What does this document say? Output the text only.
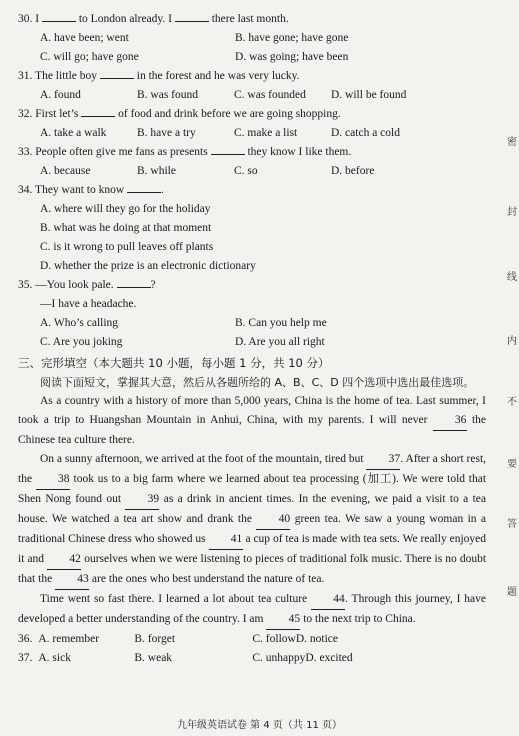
30. I	to London already. I	there last month.
A. have been; went	B. have gone; have gone
C. will go; have gone	D. was going; have been
31. The little boy	in the forest and he was very lucky.
A. found	B. was found	C. was founded	D. will be found
32. First let’s	of food and drink before we are going shopping.
A. take a walk	B. have a try	C. make a list	D. catch a cold
33. People often give me fans as presents	they know I like them.
A. because	B. while	C. so	D. before
34. They want to know	.
A. where will they go for the holiday
B. what was he doing at that moment
C. is it wrong to pull leaves off plants
D. whether the prize is an electronic dictionary
35. —You look pale.	?
—I have a headache.
A. Who’s calling	B. Can you help me
C. Are you joking	D. Are you all right
三、完形填空（本大题共 10 小题，每小题 1 分，共 10 分）

阅读下面短文，掌握其大意，然后从各题所给的 A、B、C、D 四个选项中选出最佳选项。

As a country with a history of more than 5,000 years, China is the home of tea. Last summer, I took a trip to Huangshan Mountain in Anhui, China, with my parents. I will never 36 the Chinese tea culture there.

On a sunny afternoon, we arrived at the foot of the mountain, tired but 37. After a short rest, the 38 took us to a big farm where we learned about tea processing (加工). We were told that Shen Nong found out 39 as a drink in ancient times. In the evening, we paid a visit to a tea house. We watched a tea art show and drank the 40 green tea. We saw a young woman in a traditional Chinese dress who showed us 41 a cup of tea is made with tea sets. We really enjoyed it and 42 ourselves when we were listening to pieces of traditional folk music. There is no doubt that the 43 are the ones who best understand the nature of tea.

Time went so fast there. I learned a lot about tea culture 44. Through this journey, I have developed a better understanding of the country. I am 45 to the next trip to China.

36. A. remember	B. forget	C. follow D. notice
37. A. sick	B. weak	C. unhappy D. excited
密
封
线
内
不
要
答
题
九年级英语试卷 第 4 页（共 11 页）
